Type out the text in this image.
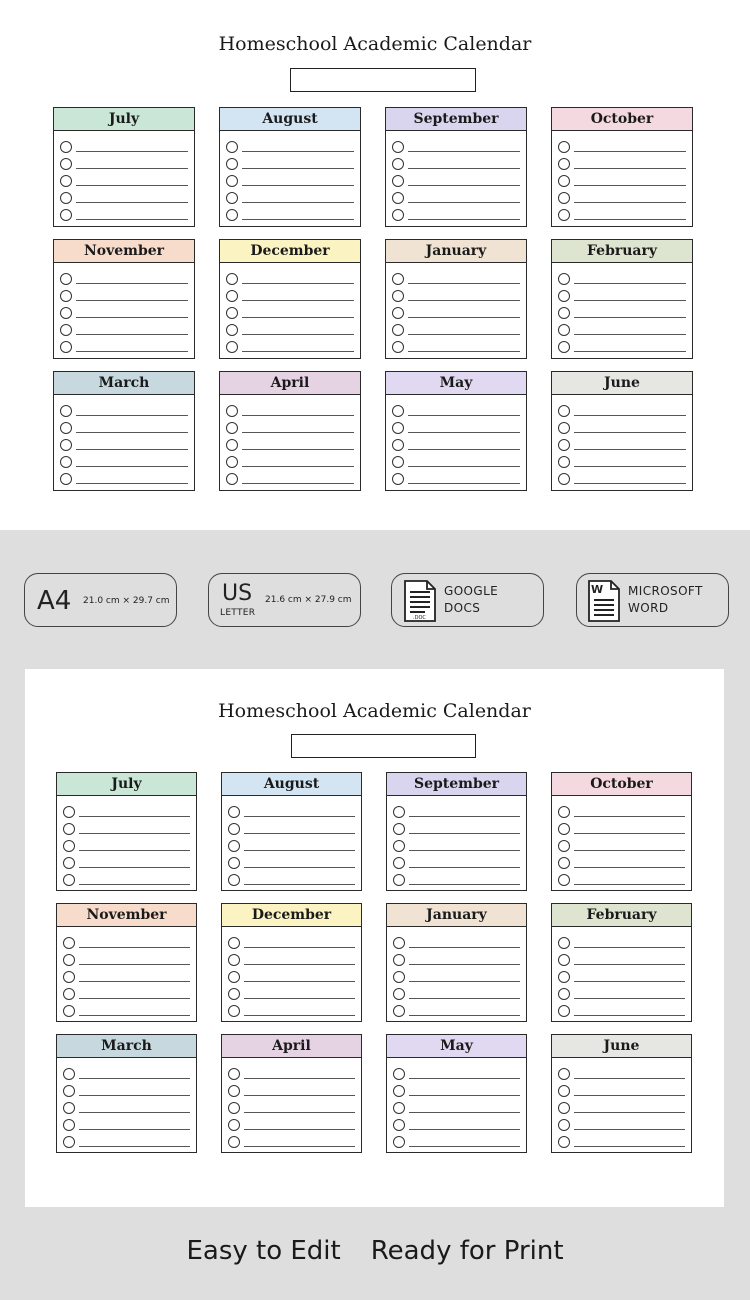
Homeschool Academic Calendar
July	August	September	October
November	December	January	February
March	April	May	June
A4 21.0 cm × 29.7 cm US
LETTER
21.6 cm × 27.9 cm
.DOC
GOOGLE
DOCS
W MICROSOFT
WORD
Homeschool Academic Calendar
July	August	September	October
November	December	January	February
March	April	May	June
Easy to Edit Ready for Print
